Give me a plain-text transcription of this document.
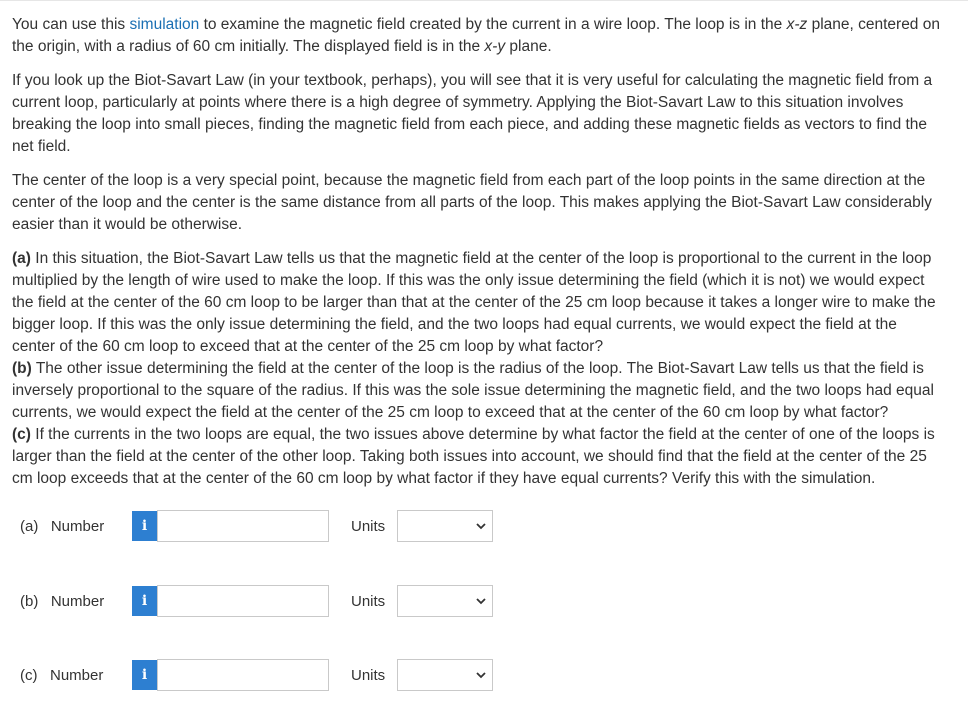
You can use this simulation to examine the magnetic field created by the current in a wire loop. The loop is in the x-z plane, centered on the origin, with a radius of 60 cm initially. The displayed field is in the x-y plane.

If you look up the Biot-Savart Law (in your textbook, perhaps), you will see that it is very useful for calculating the magnetic field from a current loop, particularly at points where there is a high degree of symmetry. Applying the Biot-Savart Law to this situation involves breaking the loop into small pieces, finding the magnetic field from each piece, and adding these magnetic fields as vectors to find the net field.

The center of the loop is a very special point, because the magnetic field from each part of the loop points in the same direction at the center of the loop and the center is the same distance from all parts of the loop. This makes applying the Biot-Savart Law considerably easier than it would be otherwise.

(a) In this situation, the Biot-Savart Law tells us that the magnetic field at the center of the loop is proportional to the current in the loop multiplied by the length of wire used to make the loop. If this was the only issue determining the field (which it is not) we would expect the field at the center of the 60 cm loop to be larger than that at the center of the 25 cm loop because it takes a longer wire to make the bigger loop. If this was the only issue determining the field, and the two loops had equal currents, we would expect the field at the center of the 60 cm loop to exceed that at the center of the 25 cm loop by what factor?

(b) The other issue determining the field at the center of the loop is the radius of the loop. The Biot-Savart Law tells us that the field is inversely proportional to the square of the radius. If this was the sole issue determining the magnetic field, and the two loops had equal currents, we would expect the field at the center of the 25 cm loop to exceed that at the center of the 60 cm loop by what factor?

(c) If the currents in the two loops are equal, the two issues above determine by what factor the field at the center of one of the loops is larger than the field at the center of the other loop. Taking both issues into account, we should find that the field at the center of the 25 cm loop exceeds that at the center of the 60 cm loop by what factor if they have equal currents? Verify this with the simulation.

(a)   Number	i	Units
(b)   Number	i	Units
(c)   Number	i	Units
